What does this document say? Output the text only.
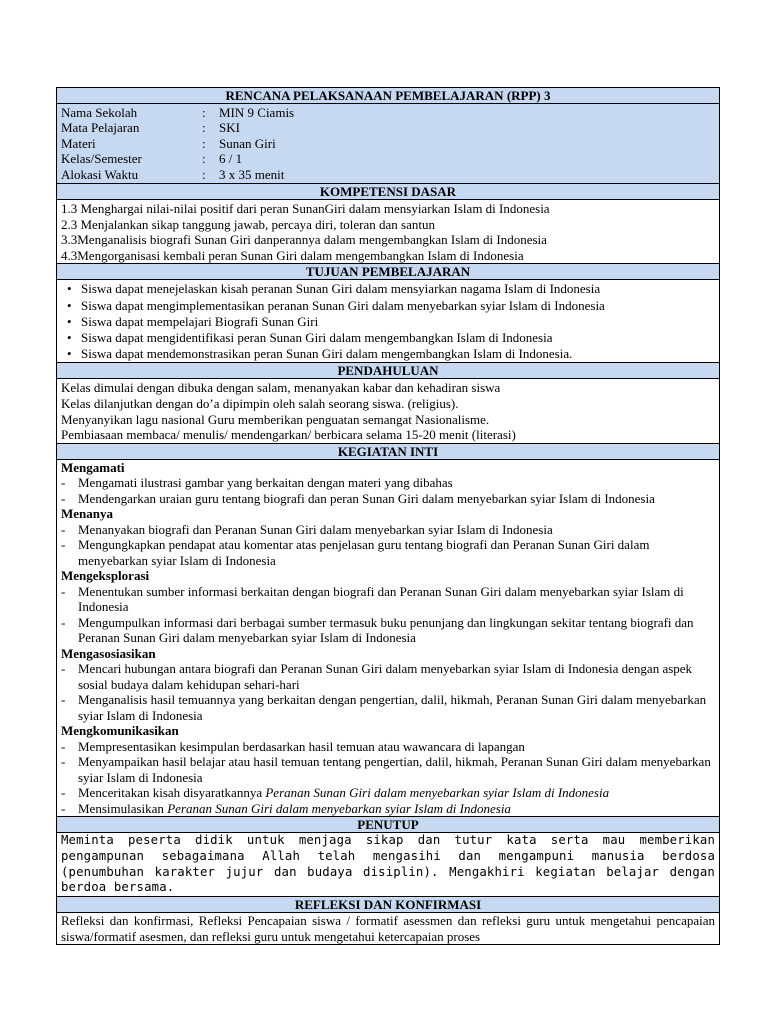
RENCANA PELAKSANAAN PEMBELAJARAN (RPP) 3
Nama Sekolah	:	MIN 9 Ciamis
Mata Pelajaran	:	SKI
Materi	:	Sunan Giri
Kelas/Semester	:	6 / 1
Alokasi Waktu	:	3 x 35 menit
KOMPETENSI DASAR
1.3 Menghargai nilai-nilai positif dari peran SunanGiri dalam mensyiarkan Islam di Indonesia
2.3 Menjalankan sikap tanggung jawab, percaya diri, toleran dan santun
3.3Menganalisis biografi Sunan Giri danperannya dalam mengembangkan Islam di Indonesia
4.3Mengorganisasi kembali peran Sunan Giri dalam mengembangkan Islam di Indonesia
TUJUAN PEMBELAJARAN
• Siswa dapat menejelaskan kisah peranan Sunan Giri dalam mensyiarkan nagama Islam di Indonesia
• Siswa dapat mengimplementasikan peranan Sunan Giri dalam menyebarkan syiar Islam di Indonesia
• Siswa dapat mempelajari Biografi Sunan Giri
• Siswa dapat mengidentifikasi peran Sunan Giri dalam mengembangkan Islam di Indonesia
• Siswa dapat mendemonstrasikan peran Sunan Giri dalam mengembangkan Islam di Indonesia.
PENDAHULUAN
Kelas dimulai dengan dibuka dengan salam, menanyakan kabar dan kehadiran siswa
Kelas dilanjutkan dengan do’a dipimpin oleh salah seorang siswa. (religius).
Menyanyikan lagu nasional Guru memberikan penguatan semangat Nasionalisme.
Pembiasaan membaca/ menulis/ mendengarkan/ berbicara selama 15-20 menit (literasi)
KEGIATAN INTI
Mengamati
- Mengamati ilustrasi gambar yang berkaitan dengan materi yang dibahas
- Mendengarkan uraian guru tentang biografi dan peran Sunan Giri dalam menyebarkan syiar Islam di Indonesia
Menanya
- Menanyakan biografi dan Peranan Sunan Giri dalam menyebarkan syiar Islam di Indonesia
- Mengungkapkan pendapat atau komentar atas penjelasan guru tentang biografi dan Peranan Sunan Giri dalam menyebarkan syiar Islam di Indonesia
Mengeksplorasi
- Menentukan sumber informasi berkaitan dengan biografi dan Peranan Sunan Giri dalam menyebarkan syiar Islam di Indonesia
- Mengumpulkan informasi dari berbagai sumber termasuk buku penunjang dan lingkungan sekitar tentang biografi dan Peranan Sunan Giri dalam menyebarkan syiar Islam di Indonesia
Mengasosiasikan
- Mencari hubungan antara biografi dan Peranan Sunan Giri dalam menyebarkan syiar Islam di Indonesia dengan aspek sosial budaya dalam kehidupan sehari-hari
- Menganalisis hasil temuannya yang berkaitan dengan pengertian, dalil, hikmah, Peranan Sunan Giri dalam menyebarkan syiar Islam di Indonesia
Mengkomunikasikan
- Mempresentasikan kesimpulan berdasarkan hasil temuan atau wawancara di lapangan
- Menyampaikan hasil belajar atau hasil temuan tentang pengertian, dalil, hikmah, Peranan Sunan Giri dalam menyebarkan syiar Islam di Indonesia
- Menceritakan kisah disyaratkannya Peranan Sunan Giri dalam menyebarkan syiar Islam di Indonesia
- Mensimulasikan Peranan Sunan Giri dalam menyebarkan syiar Islam di Indonesia
PENUTUP
Meminta peserta didik untuk menjaga sikap dan tutur kata serta mau memberikan pengampunan sebagaimana Allah telah mengasihi dan mengampuni manusia berdosa (penumbuhan karakter jujur dan budaya disiplin). Mengakhiri kegiatan belajar dengan berdoa bersama.
REFLEKSI DAN KONFIRMASI
Refleksi dan konfirmasi, Refleksi Pencapaian siswa / formatif asessmen dan refleksi guru untuk mengetahui pencapaian siswa/formatif asesmen, dan refleksi guru untuk mengetahui ketercapaian proses
